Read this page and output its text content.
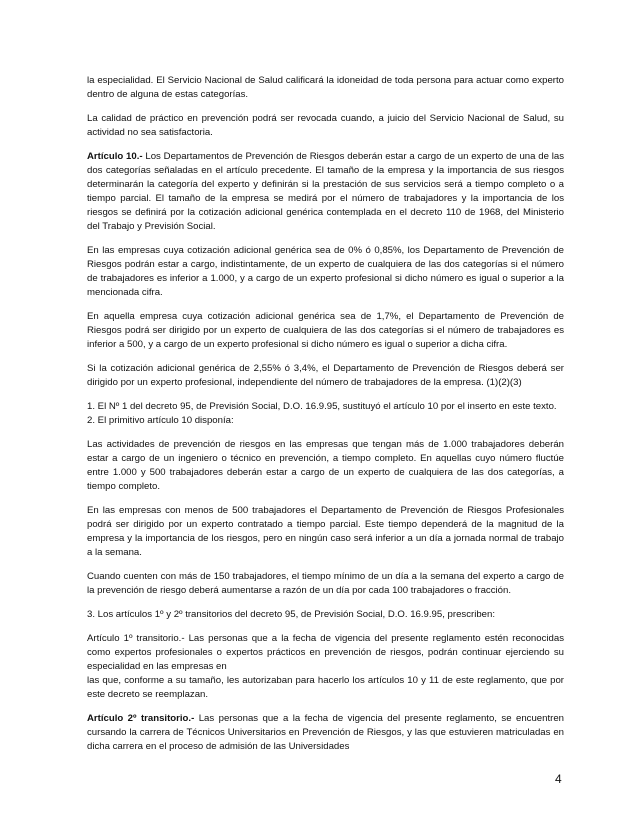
la especialidad. El Servicio Nacional de Salud calificará la idoneidad de toda persona para actuar como experto dentro de alguna de estas categorías.

La calidad de práctico en prevención podrá ser revocada cuando, a juicio del Servicio Nacional de Salud, su actividad no sea satisfactoria.

Artículo 10.- Los Departamentos de Prevención de Riesgos deberán estar a cargo de un experto de una de las dos categorías señaladas en el artículo precedente. El tamaño de la empresa y la importancia de sus riesgos determinarán la categoría del experto y definirán si la prestación de sus servicios será a tiempo completo o a tiempo parcial. El tamaño de la empresa se medirá por el número de trabajadores y la importancia de los riesgos se definirá por la cotización adicional genérica contemplada en el decreto 110 de 1968, del Ministerio del Trabajo y Previsión Social.

En las empresas cuya cotización adicional genérica sea de 0% ó 0,85%, los Departamento de Prevención de Riesgos podrán estar a cargo, indistintamente, de un experto de cualquiera de las dos categorías si el número de trabajadores es inferior a 1.000, y a cargo de un experto profesional si dicho número es igual o superior a la mencionada cifra.

En aquella empresa cuya cotización adicional genérica sea de 1,7%, el Departamento de Prevención de Riesgos podrá ser dirigido por un experto de cualquiera de las dos categorías si el número de trabajadores es inferior a 500, y a cargo de un experto profesional si dicho número es igual o superior a dicha cifra.

Si la cotización adicional genérica de 2,55% ó 3,4%, el Departamento de Prevención de Riesgos deberá ser dirigido por un experto profesional, independiente del número de trabajadores de la empresa. (1)(2)(3)

1. El Nº 1 del decreto 95, de Previsión Social, D.O. 16.9.95, sustituyó el artículo 10 por el inserto en este texto.

2. El primitivo artículo 10 disponía:

Las actividades de prevención de riesgos en las empresas que tengan más de 1.000 trabajadores deberán estar a cargo de un ingeniero o técnico en prevención, a tiempo completo. En aquellas cuyo número fluctúe entre 1.000 y 500 trabajadores deberán estar a cargo de un experto de cualquiera de las dos categorías, a tiempo completo.

En las empresas con menos de 500 trabajadores el Departamento de Prevención de Riesgos Profesionales podrá ser dirigido por un experto contratado a tiempo parcial. Este tiempo dependerá de la magnitud de la empresa y la importancia de los riesgos, pero en ningún caso será inferior a un día a jornada normal de trabajo a la semana.

Cuando cuenten con más de 150 trabajadores, el tiempo mínimo de un día a la semana del experto a cargo de la prevención de riesgo deberá aumentarse a razón de un día por cada 100 trabajadores o fracción.

3. Los artículos 1º y 2º transitorios del decreto 95, de Previsión Social, D.O. 16.9.95, prescriben:

Artículo 1º transitorio.- Las personas que a la fecha de vigencia del presente reglamento estén reconocidas como expertos profesionales o expertos prácticos en prevención de riesgos, podrán continuar ejerciendo su especialidad en las empresas en

las que, conforme a su tamaño, les autorizaban para hacerlo los artículos 10 y 11 de este reglamento, que por este decreto se reemplazan.

Artículo 2º transitorio.- Las personas que a la fecha de vigencia del presente reglamento, se encuentren cursando la carrera de Técnicos Universitarios en Prevención de Riesgos, y las que estuvieren matriculadas en dicha carrera en el proceso de admisión de las Universidades

4
